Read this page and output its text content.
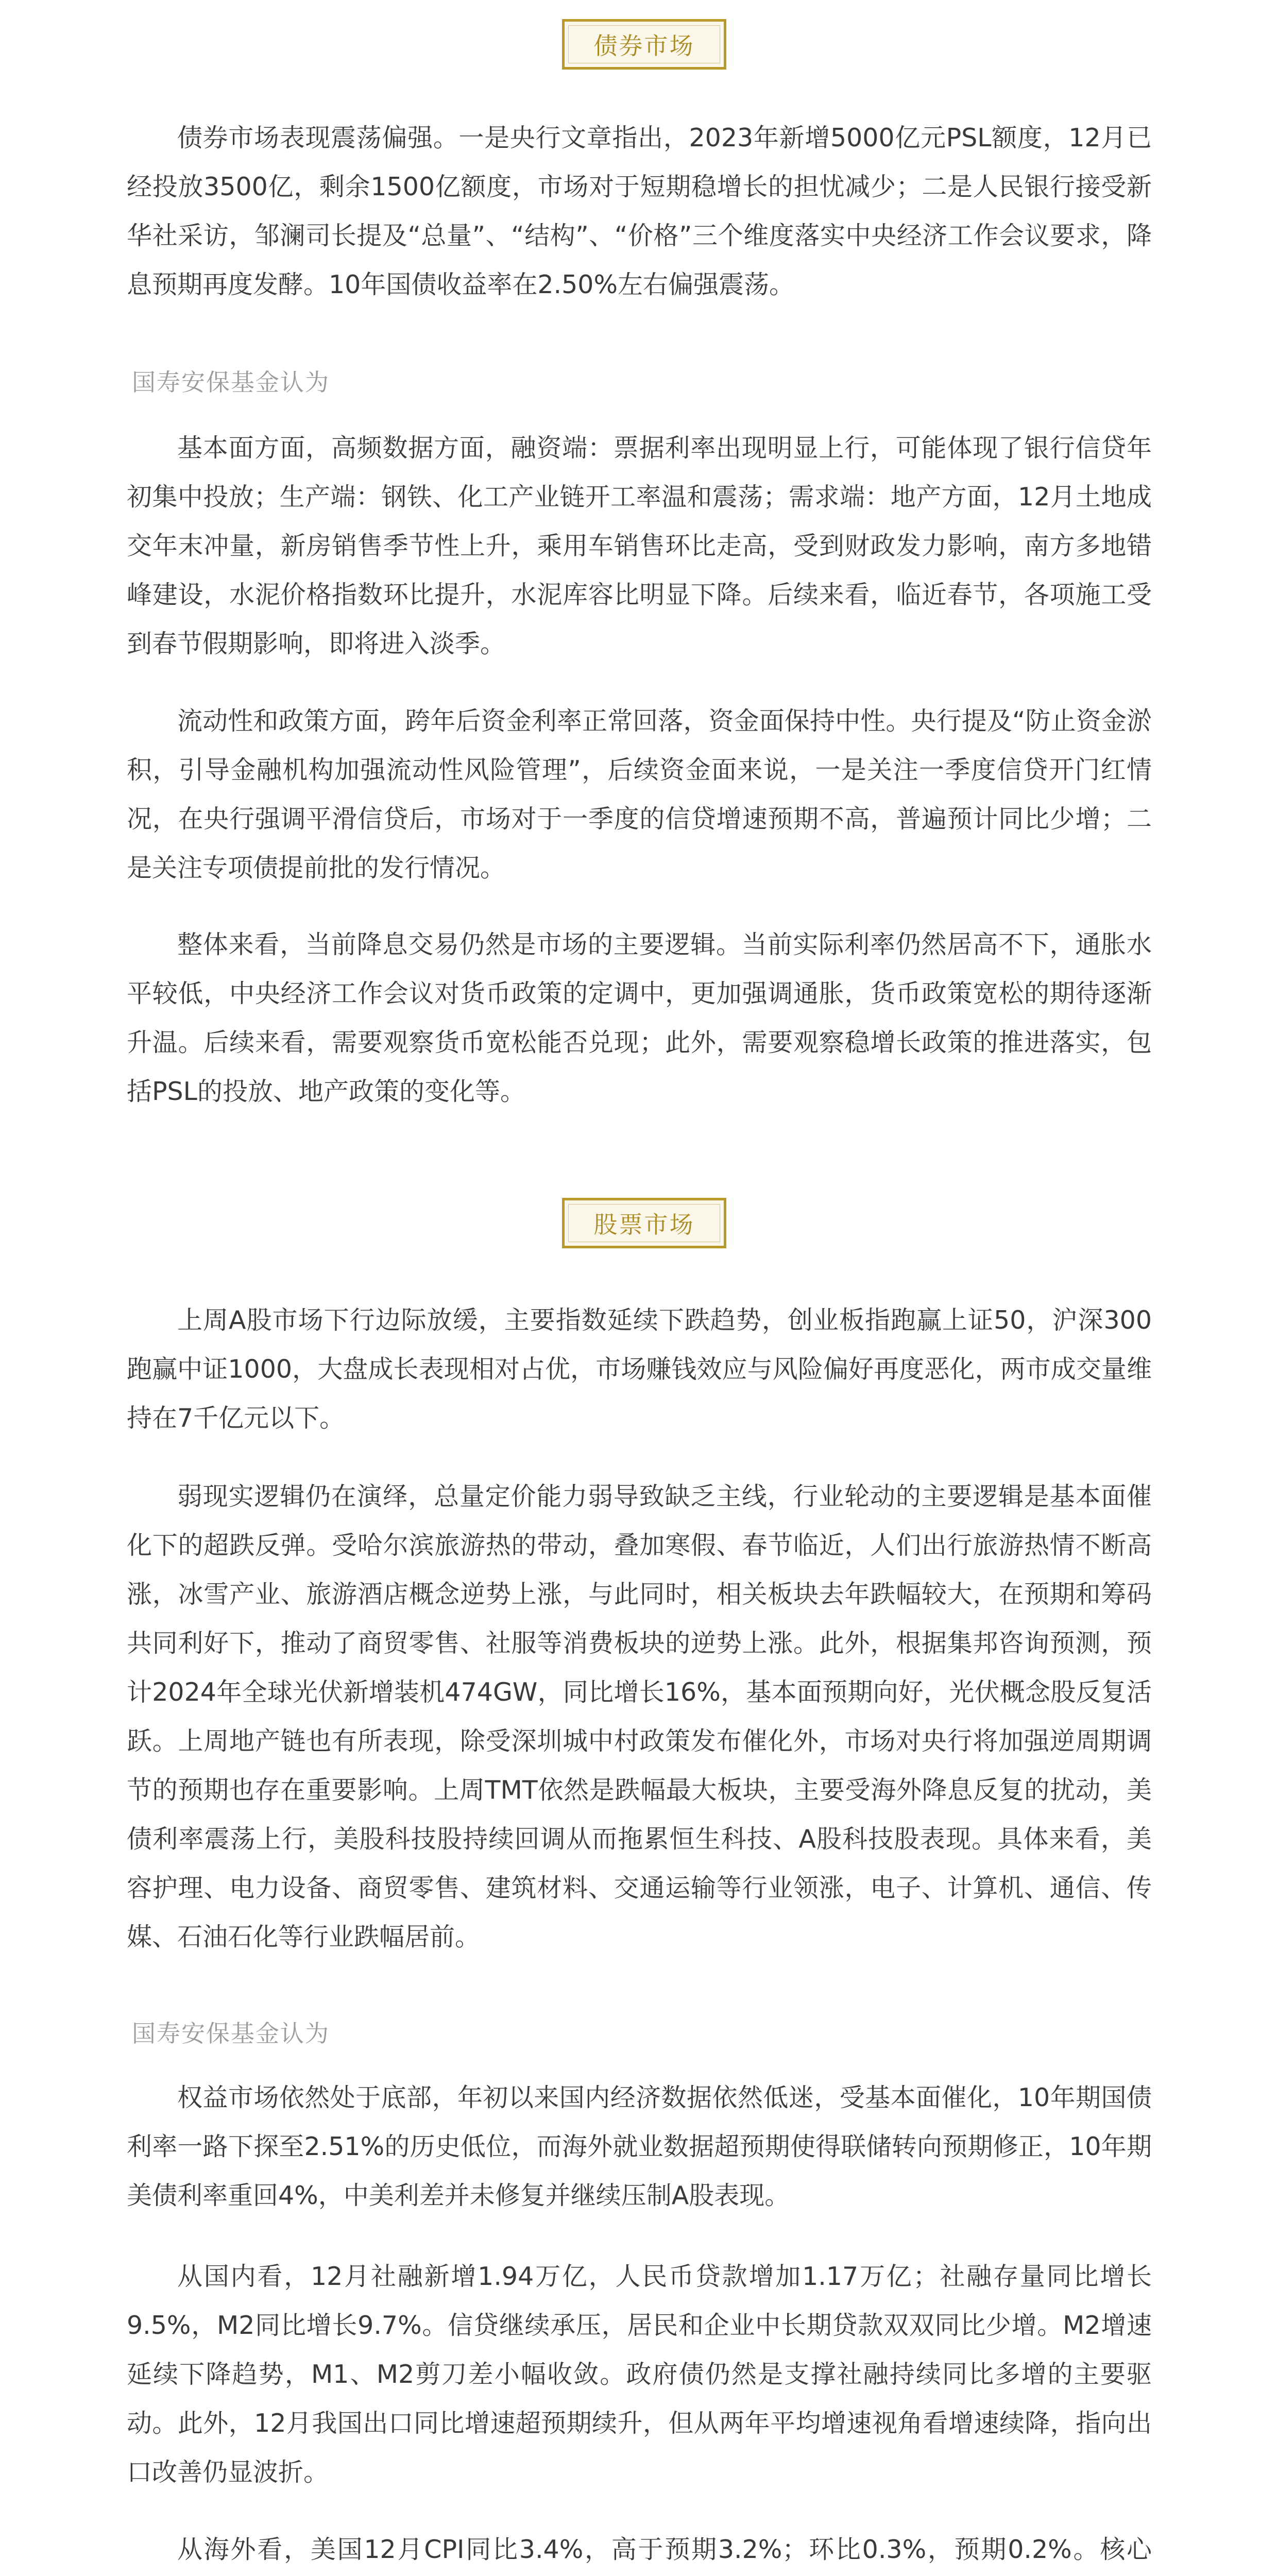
债券市场

债券市场表现震荡偏强。一是央行文章指出，2023年新增5000亿元PSL额度，12月已经投放3500亿，剩余1500亿额度，市场对于短期稳增长的担忧减少；二是人民银行接受新华社采访，邹澜司长提及“总量”、“结构”、“价格”三个维度落实中央经济工作会议要求，降息预期再度发酵。10年国债收益率在2.50%左右偏强震荡。

国寿安保基金认为

基本面方面，高频数据方面，融资端：票据利率出现明显上行，可能体现了银行信贷年初集中投放；生产端：钢铁、化工产业链开工率温和震荡；需求端：地产方面，12月土地成交年末冲量，新房销售季节性上升，乘用车销售环比走高，受到财政发力影响，南方多地错峰建设，水泥价格指数环比提升，水泥库容比明显下降。后续来看，临近春节，各项施工受到春节假期影响，即将进入淡季。

流动性和政策方面，跨年后资金利率正常回落，资金面保持中性。央行提及“防止资金淤积，引导金融机构加强流动性风险管理”，后续资金面来说，一是关注一季度信贷开门红情况，在央行强调平滑信贷后，市场对于一季度的信贷增速预期不高，普遍预计同比少增；二是关注专项债提前批的发行情况。

整体来看，当前降息交易仍然是市场的主要逻辑。当前实际利率仍然居高不下，通胀水平较低，中央经济工作会议对货币政策的定调中，更加强调通胀，货币政策宽松的期待逐渐升温。后续来看，需要观察货币宽松能否兑现；此外，需要观察稳增长政策的推进落实，包括PSL的投放、地产政策的变化等。

股票市场

上周A股市场下行边际放缓，主要指数延续下跌趋势，创业板指跑赢上证50，沪深300跑赢中证1000，大盘成长表现相对占优，市场赚钱效应与风险偏好再度恶化，两市成交量维持在7千亿元以下。

弱现实逻辑仍在演绎，总量定价能力弱导致缺乏主线，行业轮动的主要逻辑是基本面催化下的超跌反弹。受哈尔滨旅游热的带动，叠加寒假、春节临近，人们出行旅游热情不断高涨，冰雪产业、旅游酒店概念逆势上涨，与此同时，相关板块去年跌幅较大，在预期和筹码共同利好下，推动了商贸零售、社服等消费板块的逆势上涨。此外，根据集邦咨询预测，预计2024年全球光伏新增装机474GW，同比增长16%，基本面预期向好，光伏概念股反复活跃。上周地产链也有所表现，除受深圳城中村政策发布催化外，市场对央行将加强逆周期调节的预期也存在重要影响。上周TMT依然是跌幅最大板块，主要受海外降息反复的扰动，美债利率震荡上行，美股科技股持续回调从而拖累恒生科技、A股科技股表现。具体来看，美容护理、电力设备、商贸零售、建筑材料、交通运输等行业领涨，电子、计算机、通信、传媒、石油石化等行业跌幅居前。

国寿安保基金认为

权益市场依然处于底部，年初以来国内经济数据依然低迷，受基本面催化，10年期国债利率一路下探至2.51%的历史低位，而海外就业数据超预期使得联储转向预期修正，10年期美债利率重回4%，中美利差并未修复并继续压制A股表现。

从国内看，12月社融新增1.94万亿，人民币贷款增加1.17万亿；社融存量同比增长9.5%，M2同比增长9.7%。信贷继续承压，居民和企业中长期贷款双双同比少增。M2增速延续下降趋势，M1、M2剪刀差小幅收敛。政府债仍然是支撑社融持续同比多增的主要驱动。此外，12月我国出口同比增速超预期续升，但从两年平均增速视角看增速续降，指向出口改善仍显波折。

从海外看，美国12月CPI同比3.4%，高于预期3.2%；环比0.3%，预期0.2%。核心
